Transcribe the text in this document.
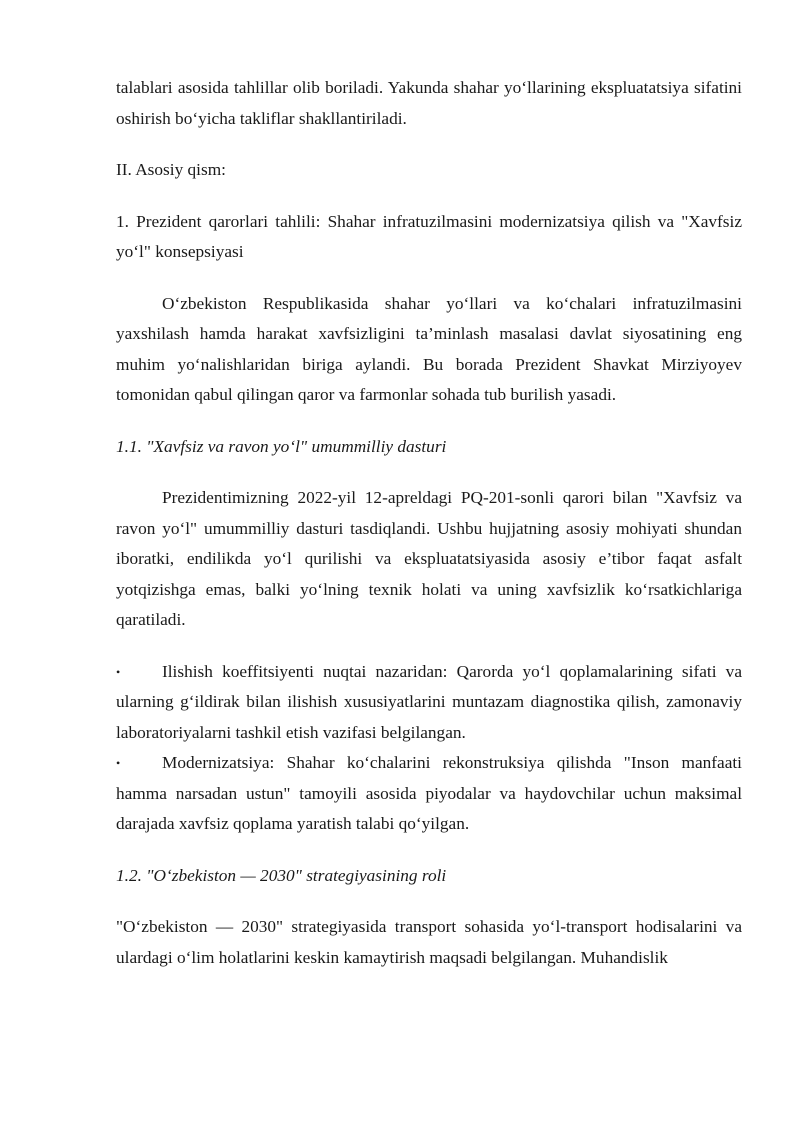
talablari asosida tahlillar olib boriladi. Yakunda shahar yo‘llarining ekspluatatsiya sifatini oshirish bo‘yicha takliflar shakllantiriladi.

II. Asosiy qism:

1. Prezident qarorlari tahlili: Shahar infratuzilmasini modernizatsiya qilish va "Xavfsiz yo‘l" konsepsiyasi

O‘zbekiston Respublikasida shahar yo‘llari va ko‘chalari infratuzilmasini yaxshilash hamda harakat xavfsizligini ta’minlash masalasi davlat siyosatining eng muhim yo‘nalishlaridan biriga aylandi. Bu borada Prezident Shavkat Mirziyoyev tomonidan qabul qilingan qaror va farmonlar sohada tub burilish yasadi.

1.1. "Xavfsiz va ravon yo‘l" umummilliy dasturi

Prezidentimizning 2022-yil 12-apreldagi PQ-201-sonli qarori bilan "Xavfsiz va ravon yo‘l" umummilliy dasturi tasdiqlandi. Ushbu hujjatning asosiy mohiyati shundan iboratki, endilikda yo‘l qurilishi va ekspluatatsiyasida asosiy e’tibor faqat asfalt yotqizishga emas, balki yo‘lning texnik holati va uning xavfsizlik ko‘rsatkichlariga qaratiladi.

• Ilishish koeffitsiyenti nuqtai nazaridan: Qarorda yo‘l qoplamalarining sifati va ularning g‘ildirak bilan ilishish xususiyatlarini muntazam diagnostika qilish, zamonaviy laboratoriyalarni tashkil etish vazifasi belgilangan.

• Modernizatsiya: Shahar ko‘chalarini rekonstruksiya qilishda "Inson manfaati hamma narsadan ustun" tamoyili asosida piyodalar va haydovchilar uchun maksimal darajada xavfsiz qoplama yaratish talabi qo‘yilgan.

1.2. "O‘zbekiston — 2030" strategiyasining roli

"O‘zbekiston — 2030" strategiyasida transport sohasida yo‘l-transport hodisalarini va ulardagi o‘lim holatlarini keskin kamaytirish maqsadi belgilangan. Muhandislik
